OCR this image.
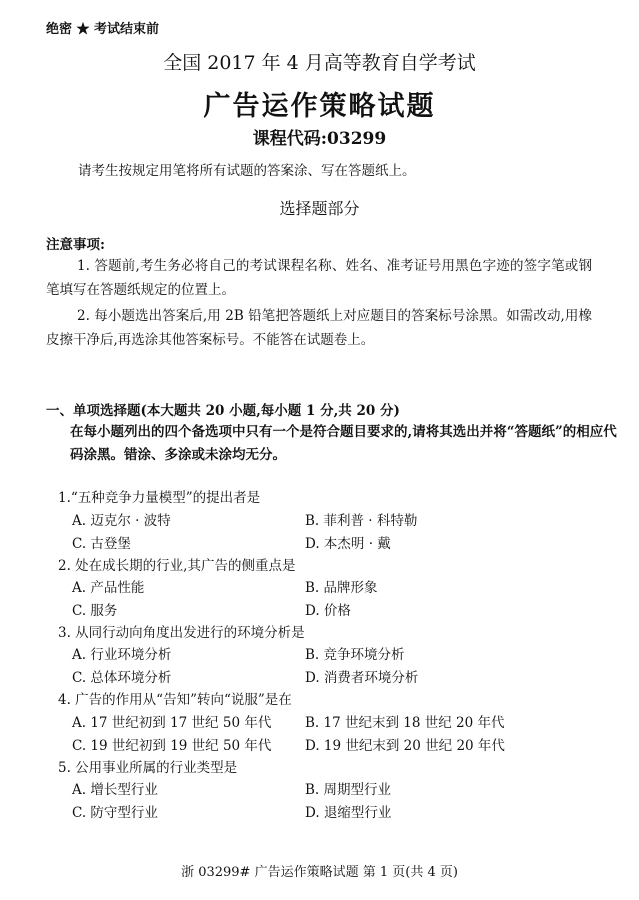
绝密 ★ 考试结束前
全国 2017 年 4 月高等教育自学考试
广告运作策略试题
课程代码:03299
请考生按规定用笔将所有试题的答案涂、写在答题纸上。
选择题部分
注意事项:
1. 答题前,考生务必将自己的考试课程名称、姓名、准考证号用黑色字迹的签字笔或钢笔填写在答题纸规定的位置上。
2. 每小题选出答案后,用 2B 铅笔把答题纸上对应题目的答案标号涂黑。如需改动,用橡皮擦干净后,再选涂其他答案标号。不能答在试题卷上。
一、单项选择题(本大题共 20 小题,每小题 1 分,共 20 分)
在每小题列出的四个备选项中只有一个是符合题目要求的,请将其选出并将“答题纸”的相应代码涂黑。错涂、多涂或未涂均无分。
1.“五种竞争力量模型”的提出者是
A. 迈克尔 · 波特	B. 菲利普 · 科特勒
C. 古登堡	D. 本杰明 · 戴
2. 处在成长期的行业,其广告的侧重点是
A. 产品性能	B. 品牌形象
C. 服务	D. 价格
3. 从同行动向角度出发进行的环境分析是
A. 行业环境分析	B. 竞争环境分析
C. 总体环境分析	D. 消费者环境分析
4. 广告的作用从“告知”转向“说服”是在
A. 17 世纪初到 17 世纪 50 年代 B. 17 世纪末到 18 世纪 20 年代
C. 19 世纪初到 19 世纪 50 年代 D. 19 世纪末到 20 世纪 20 年代
5. 公用事业所属的行业类型是
A. 增长型行业	B. 周期型行业
C. 防守型行业	D. 退缩型行业
浙 03299# 广告运作策略试题 第 1 页(共 4 页)
